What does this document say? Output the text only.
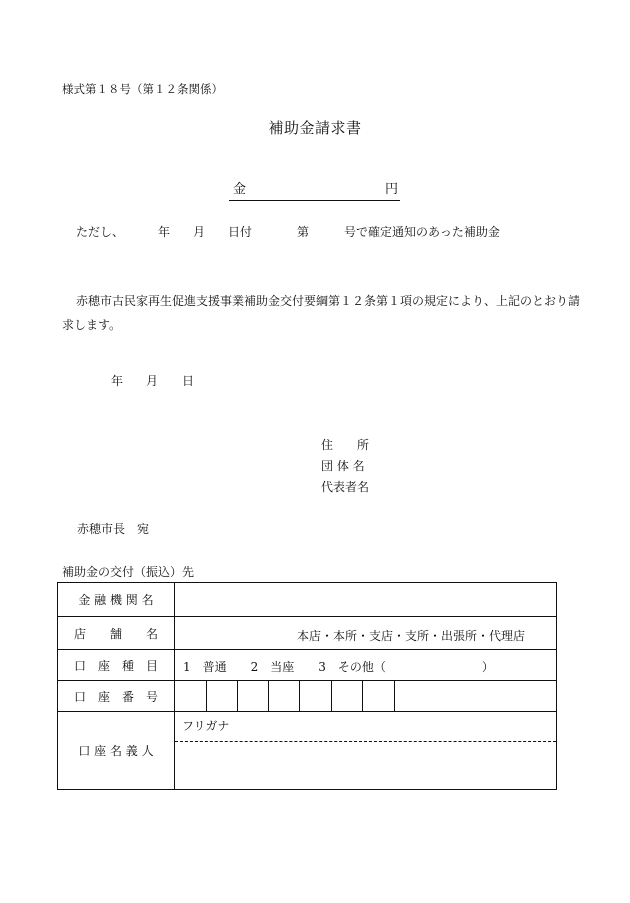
様式第１８号（第１２条関係）
補助金請求書
金	円
ただし、	年 月 日付	第	号で確定通知のあった補助金
赤穂市古民家再生促進支援事業補助金交付要綱第１２条第１項の規定により、上記のとおり請求します。
年 月 日
住　　所
団 体 名
代表者名
赤穂市長　宛
補助金の交付（振込）先
金 融 機 関 名
店　　舗　　名	本店・本所・支店・支所・出張所・代理店
口　座　種　目 1　普通　　2　当座　　3　その他（　　　　　　　　）
口　座　番　号
口 座 名 義 人
フリガナ
